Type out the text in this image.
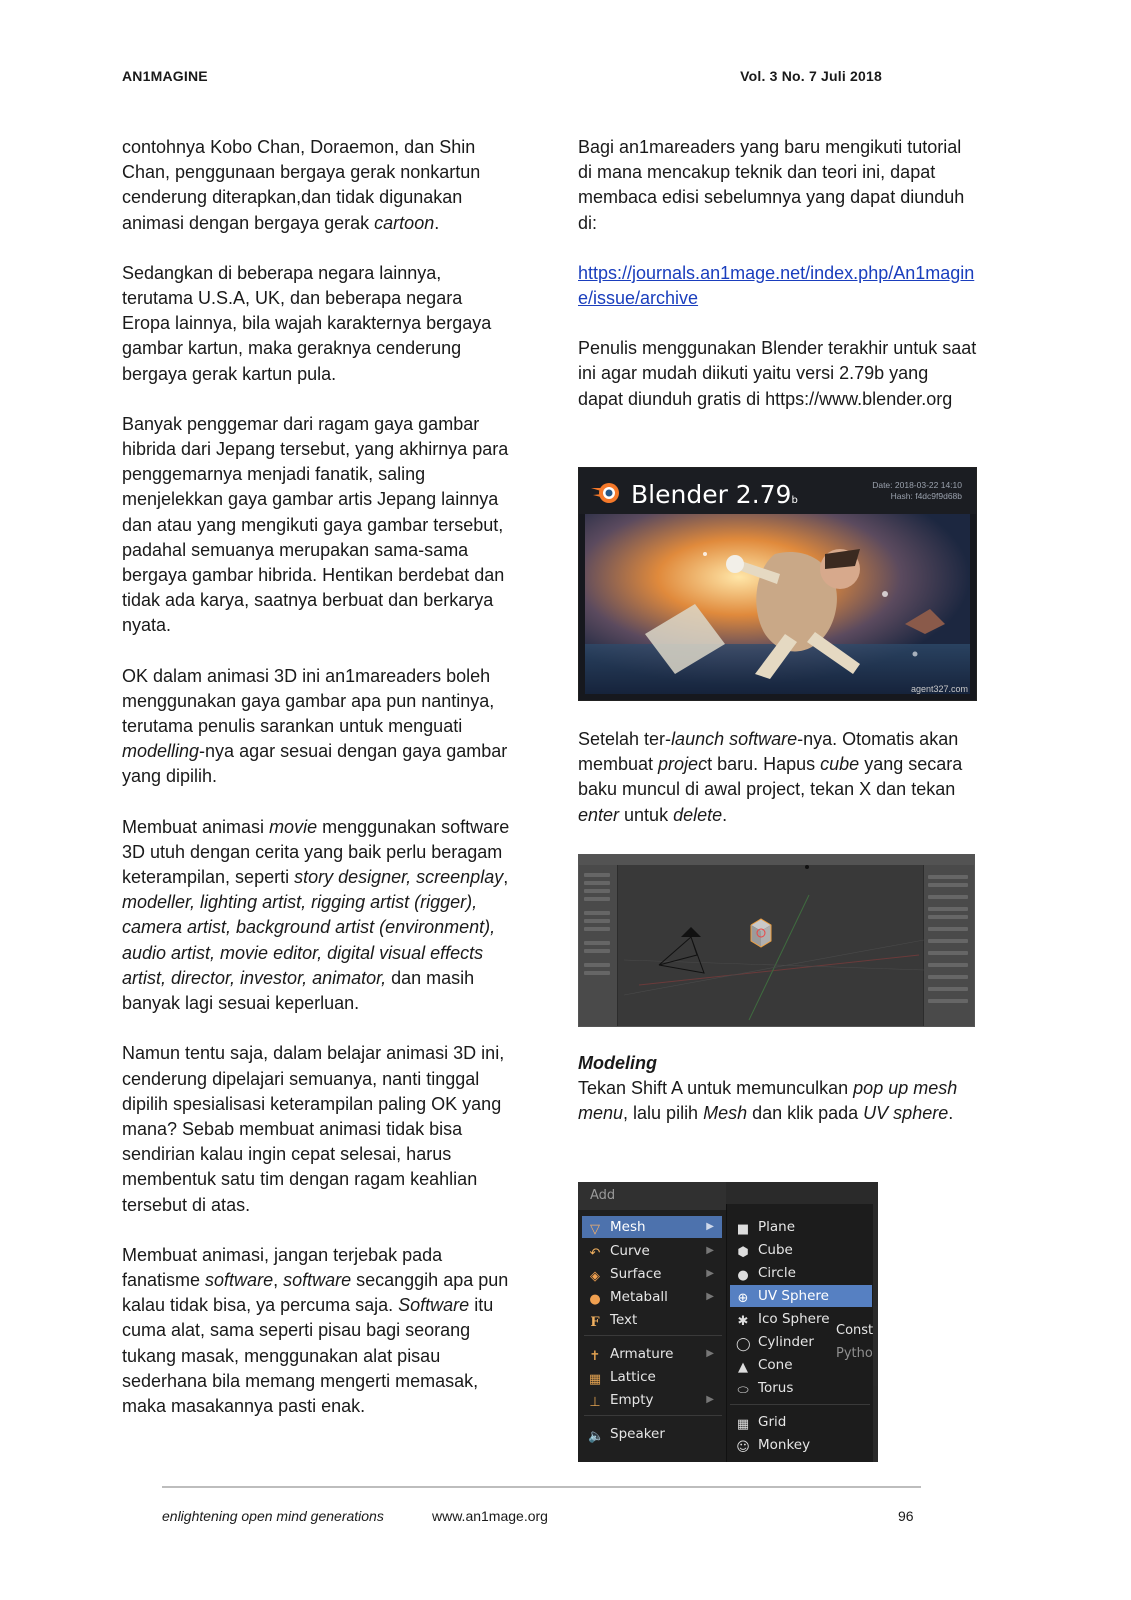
AN1MAGINE	Vol. 3 No. 7 Juli 2018

contohnya Kobo Chan, Doraemon, dan Shin Chan, penggunaan bergaya gerak nonkartun cenderung diterapkan,dan tidak digunakan animasi dengan bergaya gerak cartoon.

Sedangkan di beberapa negara lainnya, terutama U.S.A, UK, dan beberapa negara Eropa lainnya, bila wajah karakternya bergaya gambar kartun, maka geraknya cenderung bergaya gerak kartun pula.

Banyak penggemar dari ragam gaya gambar hibrida dari Jepang tersebut, yang akhirnya para penggemarnya menjadi fanatik, saling menjelekkan gaya gambar artis Jepang lainnya dan atau yang mengikuti gaya gambar tersebut, padahal semuanya merupakan sama-sama bergaya gambar hibrida. Hentikan berdebat dan tidak ada karya, saatnya berbuat dan berkarya nyata.

OK dalam animasi 3D ini an1mareaders boleh menggunakan gaya gambar apa pun nantinya, terutama penulis sarankan untuk menguati modelling-nya agar sesuai dengan gaya gambar yang dipilih.

Membuat animasi movie menggunakan software 3D utuh dengan cerita yang baik perlu beragam keterampilan, seperti story designer, screenplay, modeller, lighting artist, rigging artist (rigger), camera artist, background artist (environment), audio artist, movie editor, digital visual effects artist, director, investor, animator, dan masih banyak lagi sesuai keperluan.

Namun tentu saja, dalam belajar animasi 3D ini, cenderung dipelajari semuanya, nanti tinggal dipilih spesialisasi keterampilan paling OK yang mana? Sebab membuat animasi tidak bisa sendirian kalau ingin cepat selesai, harus membentuk satu tim dengan ragam keahlian tersebut di atas.

Membuat animasi, jangan terjebak pada fanatisme software, software secanggih apa pun kalau tidak bisa, ya percuma saja. Software itu cuma alat, sama seperti pisau bagi seorang tukang masak, menggunakan alat pisau sederhana bila memang mengerti memasak, maka masakannya pasti enak.

Bagi an1mareaders yang baru mengikuti tutorial di mana mencakup teknik dan teori ini, dapat membaca edisi sebelumnya yang dapat diunduh di:

https://journals.an1mage.net/index.php/An1magine/issue/archive

Penulis menggunakan Blender terakhir untuk saat ini agar mudah diikuti yaitu versi 2.79b yang dapat diunduh gratis di https://www.blender.org

Setelah ter-launch software-nya. Otomatis akan membuat project baru. Hapus cube yang secara baku muncul di awal project, tekan X dan tekan enter untuk delete.

Modeling

Tekan Shift A untuk memunculkan pop up mesh menu, lalu pilih Mesh dan klik pada UV sphere.

Blender 2.79b
Date: 2018-03-22 14:10
Hash: f4dc9f9d68b
agent327.com
Add
▽ Mesh	▶
↶ Curve	▶
◈ Surface	▶
● Metaball	▶
F Text
✝ Armature	▶
▦ Lattice
⊥ Empty	▶
🔈 Speaker
■ Plane
⬢ Cube
● Circle
⊕ UV Sphere
✱ Ico Sphere
◯ Cylinder
▲ Cone
⬭ Torus
▦ Grid
☺ Monkey
Const
Pytho
enlightening open mind generations	www.an1mage.org	96
